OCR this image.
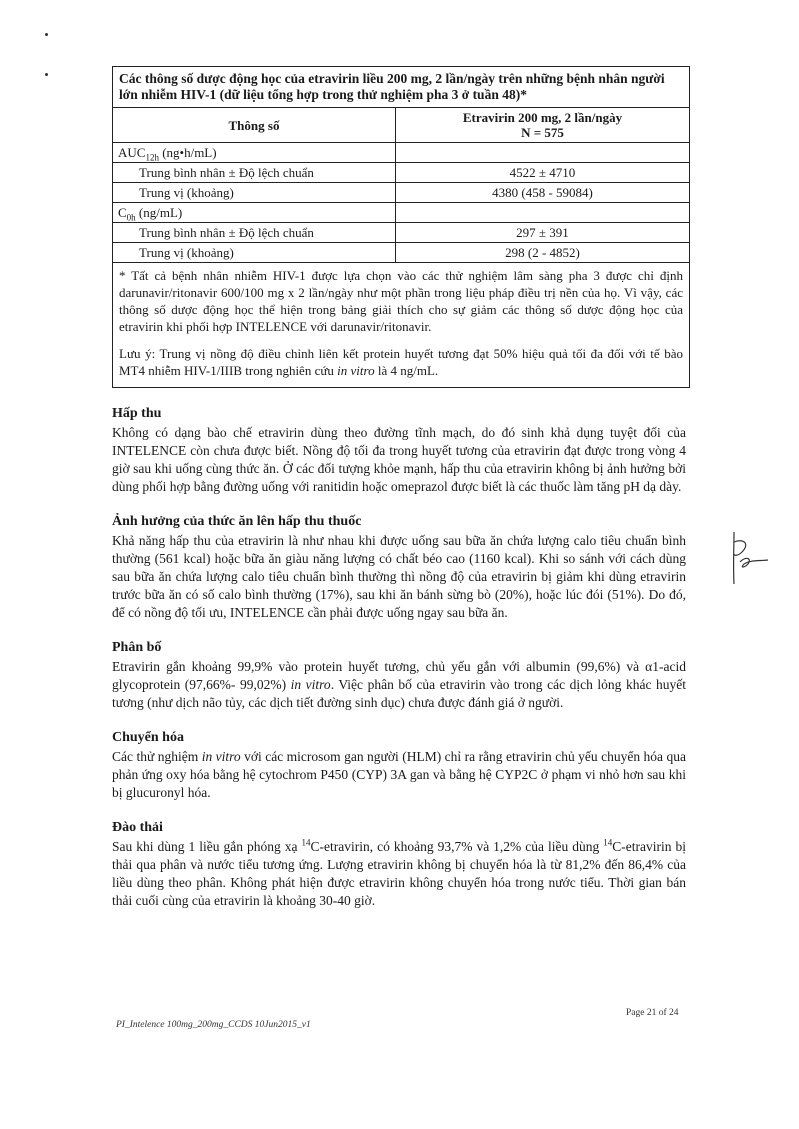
Các thông số dược động học của etravirin liều 200 mg, 2 lần/ngày trên những bệnh nhân người lớn nhiễm HIV-1 (dữ liệu tổng hợp trong thử nghiệm pha 3 ở tuần 48)*	
Thông số	Etravirin 200 mg, 2 lần/ngày
N = 575

$AUC_{12h}$ (ng•h/mL)	
Trung bình nhân ± Độ lệch chuẩn	4522 ± 4710
Trung vị (khoảng)	4380 (458 - 59084)
$C_{0h}$ (ng/mL)	
Trung bình nhân ± Độ lệch chuẩn	297 ± 391
Trung vị (khoảng)	298 (2 - 4852)

* Tất cả bệnh nhân nhiễm HIV-1 được lựa chọn vào các thử nghiệm lâm sàng pha 3 được chỉ định darunavir/ritonavir 600/100 mg x 2 lần/ngày như một phần trong liệu pháp điều trị nền của họ. Vì vậy, các thông số dược động học thể hiện trong bảng giải thích cho sự giảm các thông số dược động học của etravirin khi phối hợp INTELENCE với darunavir/ritonavir.

Lưu ý: Trung vị nồng độ điều chỉnh liên kết protein huyết tương đạt 50% hiệu quả tối đa đối với tế bào MT4 nhiễm HIV-1/IIIB trong nghiên cứu in vitro là 4 ng/mL.	

Hấp thu

Không có dạng bào chế etravirin dùng theo đường tĩnh mạch, do đó sinh khả dụng tuyệt đối của INTELENCE còn chưa được biết. Nồng độ tối đa trong huyết tương của etravirin đạt được trong vòng 4 giờ sau khi uống cùng thức ăn. Ở các đối tượng khỏe mạnh, hấp thu của etravirin không bị ảnh hưởng bởi dùng phối hợp bằng đường uống với ranitidin hoặc omeprazol được biết là các thuốc làm tăng pH dạ dày.

Ảnh hưởng của thức ăn lên hấp thu thuốc

Khả năng hấp thu của etravirin là như nhau khi được uống sau bữa ăn chứa lượng calo tiêu chuẩn bình thường (561 kcal) hoặc bữa ăn giàu năng lượng có chất béo cao (1160 kcal). Khi so sánh với cách dùng sau bữa ăn chứa lượng calo tiêu chuẩn bình thường thì nồng độ của etravirin bị giảm khi dùng etravirin trước bữa ăn có số calo bình thường (17%), sau khi ăn bánh sừng bò (20%), hoặc lúc đói (51%). Do đó, để có nồng độ tối ưu, INTELENCE cần phải được uống ngay sau bữa ăn.

Phân bố

Etravirin gắn khoảng 99,9% vào protein huyết tương, chủ yếu gắn với albumin (99,6%) và α1-acid glycoprotein (97,66%- 99,02%) in vitro. Việc phân bố của etravirin vào trong các dịch lỏng khác huyết tương (như dịch não tủy, các dịch tiết đường sinh dục) chưa được đánh giá ở người.

Chuyển hóa

Các thử nghiệm in vitro với các microsom gan người (HLM) chỉ ra rằng etravirin chủ yếu chuyển hóa qua phản ứng oxy hóa bằng hệ cytochrom P450 (CYP) 3A gan và bằng hệ CYP2C ở phạm vi nhỏ hơn sau khi bị glucuronyl hóa.

Đào thải

Sau khi dùng 1 liều gắn phóng xạ $^{14}$C-etravirin, có khoảng 93,7% và 1,2% của liều dùng $^{14}$C-etravirin bị thải qua phân và nước tiểu tương ứng. Lượng etravirin không bị chuyển hóa là từ 81,2% đến 86,4% của liều dùng theo phân. Không phát hiện được etravirin không chuyển hóa trong nước tiểu. Thời gian bán thải cuối cùng của etravirin là khoảng 30-40 giờ.

Page 21 of 24
PI_Intelence 100mg_200mg_CCDS 10Jun2015_v1
